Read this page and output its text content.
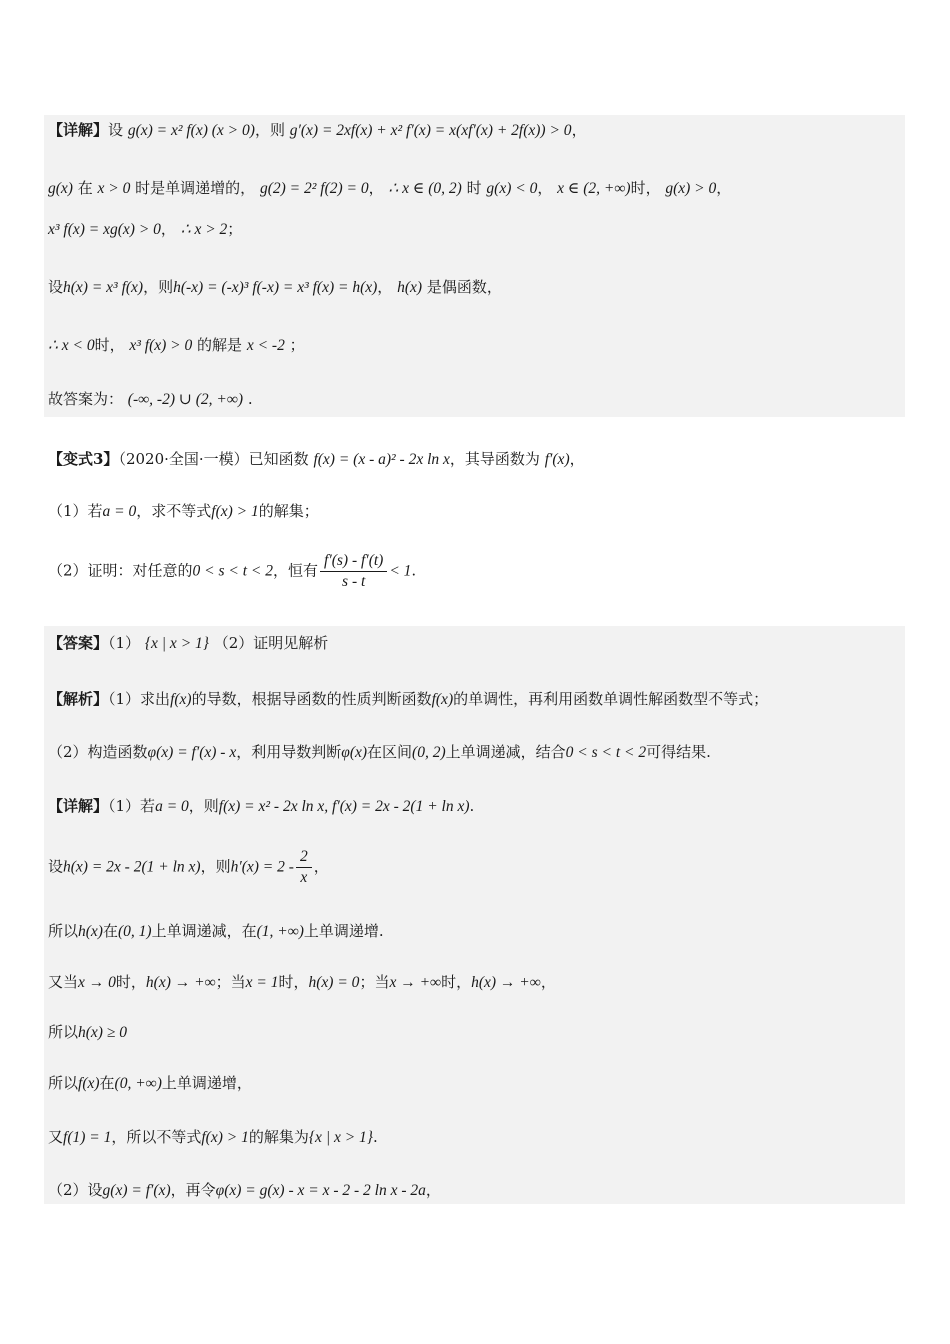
【详解】设 g(x) = x² f(x) (x > 0)，则 g′(x) = 2xf(x) + x² f′(x) = x(xf′(x) + 2f(x)) > 0，
g(x) 在 x > 0 时是单调递增的， g(2) = 2² f(2) = 0， ∴ x ∈ (0, 2) 时 g(x) < 0， x ∈ (2, +∞)时， g(x) > 0，
x³ f(x) = xg(x) > 0， ∴ x > 2；
设h(x) = x³ f(x)，则h(-x) = (-x)³ f(-x) = x³ f(x) = h(x)， h(x) 是偶函数，
∴ x < 0时， x³ f(x) > 0 的解是 x < -2 ；
故答案为： (-∞, -2) ∪ (2, +∞) .
【变式3】（2020·全国·一模）已知函数 f(x) = (x - a)² - 2x ln x，其导函数为 f′(x)，
（1）若a = 0，求不等式f(x) > 1的解集；
（2）证明：对任意的0 < s < t < 2，恒有 $\frac{f'(s) - f'(t)}{s - t} < 1$.
【答案】（1） {x | x > 1} （2）证明见解析
【解析】（1）求出f(x)的导数，根据导函数的性质判断函数f(x)的单调性，再利用函数单调性解函数型不等式；
（2）构造函数φ(x) = f′(x) - x，利用导数判断φ(x)在区间(0, 2)上单调递减，结合0 < s < t < 2可得结果.
【详解】（1）若a = 0，则f(x) = x² - 2x ln x, f′(x) = 2x - 2(1 + ln x).
设h(x) = 2x - 2(1 + ln x)，则$h'(x) = 2 - \frac{2}{x}$ ，
所以h(x)在(0, 1)上单调递减，在(1, +∞)上单调递增.
又当x → 0时，h(x) → +∞；当x = 1时，h(x) = 0；当x → +∞时，h(x) → +∞，
所以h(x) ≥ 0
所以f(x)在(0, +∞)上单调递增，
又f(1) = 1，所以不等式f(x) > 1的解集为{x | x > 1}.
（2）设g(x) = f′(x)，再令φ(x) = g(x) - x = x - 2 - 2 ln x - 2a，
